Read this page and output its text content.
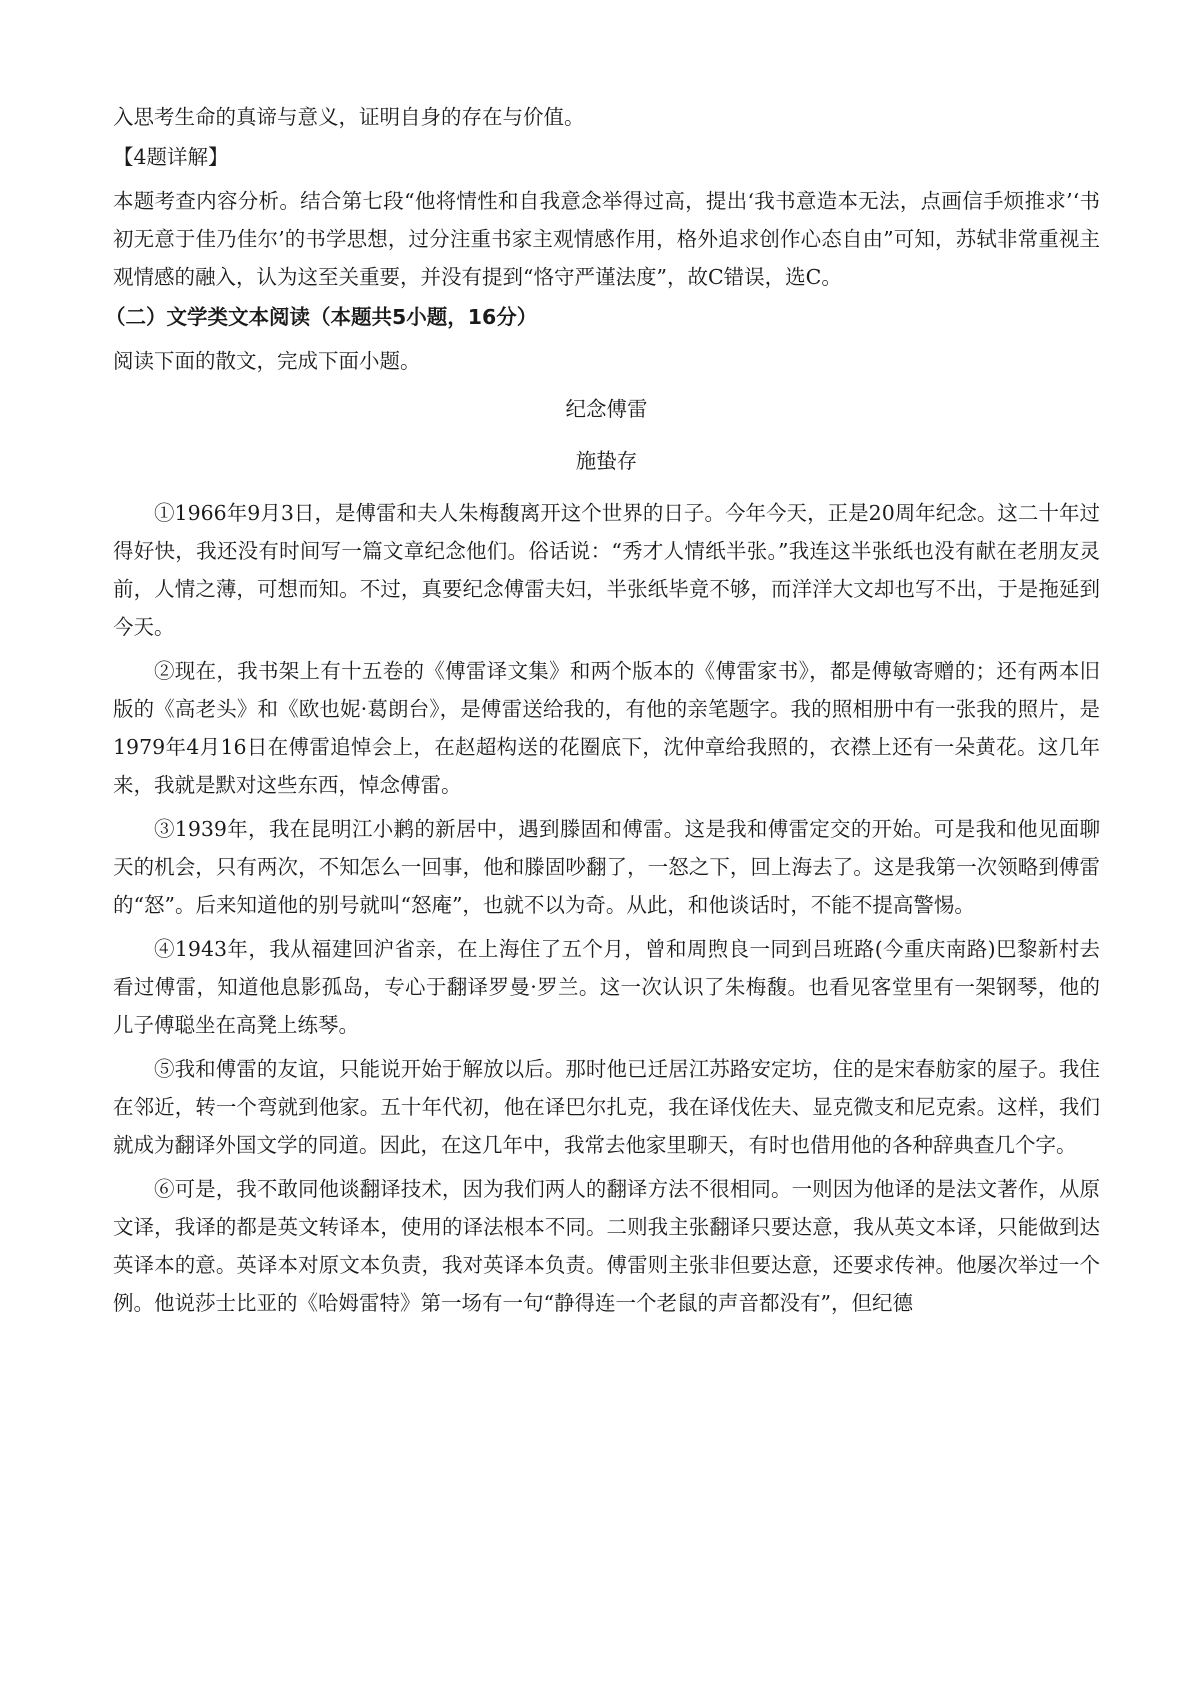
入思考生命的真谛与意义，证明自身的存在与价值。

【4题详解】

本题考查内容分析。结合第七段“他将情性和自我意念举得过高，提出‘我书意造本无法，点画信手烦推求’‘书初无意于佳乃佳尔’的书学思想，过分注重书家主观情感作用，格外追求创作心态自由”可知，苏轼非常重视主观情感的融入，认为这至关重要，并没有提到“恪守严谨法度”，故C错误，选C。

（二）文学类文本阅读（本题共5小题，16分）

阅读下面的散文，完成下面小题。

纪念傅雷

施蛰存

①1966年9月3日，是傅雷和夫人朱梅馥离开这个世界的日子。今年今天，正是20周年纪念。这二十年过得好快，我还没有时间写一篇文章纪念他们。俗话说：“秀才人情纸半张。”我连这半张纸也没有献在老朋友灵前，人情之薄，可想而知。不过，真要纪念傅雷夫妇，半张纸毕竟不够，而洋洋大文却也写不出，于是拖延到今天。

②现在，我书架上有十五卷的《傅雷译文集》和两个版本的《傅雷家书》，都是傅敏寄赠的；还有两本旧版的《高老头》和《欧也妮·葛朗台》，是傅雷送给我的，有他的亲笔题字。我的照相册中有一张我的照片，是1979年4月16日在傅雷追悼会上，在赵超构送的花圈底下，沈仲章给我照的，衣襟上还有一朵黄花。这几年来，我就是默对这些东西，悼念傅雷。

③1939年，我在昆明江小鹣的新居中，遇到滕固和傅雷。这是我和傅雷定交的开始。可是我和他见面聊天的机会，只有两次，不知怎么一回事，他和滕固吵翻了，一怒之下，回上海去了。这是我第一次领略到傅雷的“怒”。后来知道他的别号就叫“怒庵”，也就不以为奇。从此，和他谈话时，不能不提高警惕。

④1943年，我从福建回沪省亲，在上海住了五个月，曾和周煦良一同到吕班路(今重庆南路)巴黎新村去看过傅雷，知道他息影孤岛，专心于翻译罗曼·罗兰。这一次认识了朱梅馥。也看见客堂里有一架钢琴，他的儿子傅聪坐在高凳上练琴。

⑤我和傅雷的友谊，只能说开始于解放以后。那时他已迁居江苏路安定坊，住的是宋春舫家的屋子。我住在邻近，转一个弯就到他家。五十年代初，他在译巴尔扎克，我在译伐佐夫、显克微支和尼克索。这样，我们就成为翻译外国文学的同道。因此，在这几年中，我常去他家里聊天，有时也借用他的各种辞典查几个字。

⑥可是，我不敢同他谈翻译技术，因为我们两人的翻译方法不很相同。一则因为他译的是法文著作，从原文译，我译的都是英文转译本，使用的译法根本不同。二则我主张翻译只要达意，我从英文本译，只能做到达英译本的意。英译本对原文本负责，我对英译本负责。傅雷则主张非但要达意，还要求传神。他屡次举过一个例。他说莎士比亚的《哈姆雷特》第一场有一句“静得连一个老鼠的声音都没有”，但纪德
